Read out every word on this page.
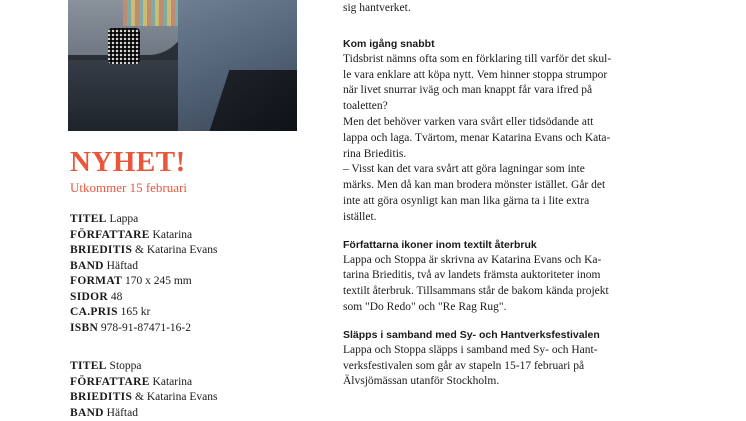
NYHET!

Utkommer 15 februari

TITEL Lappa
FÖRFATTARE Katarina
BRIEDITIS & Katarina Evans
BAND Häftad
FORMAT 170 x 245 mm
SIDOR 48
CA.PRIS 165 kr
ISBN 978-91-87471-16-2
TITEL Stoppa
FÖRFATTARE Katarina
BRIEDITIS & Katarina Evans
BAND Häftad

sig hantverket.

Kom igång snabbt

Tidsbrist nämns ofta som en förklaring till varför det skul-

le vara enklare att köpa nytt. Vem hinner stoppa strumpor

när livet snurrar iväg och man knappt får vara ifred på

toaletten?

Men det behöver varken vara svårt eller tidsödande att

lappa och laga. Tvärtom, menar Katarina Evans och Kata-

rina Brieditis.

– Visst kan det vara svårt att göra lagningar som inte

märks. Men då kan man brodera mönster istället. Går det

inte att göra osynligt kan man lika gärna ta i lite extra

istället.

Författarna ikoner inom textilt återbruk

Lappa och Stoppa är skrivna av Katarina Evans och Ka-

tarina Brieditis, två av landets främsta auktoriteter inom

textilt återbruk. Tillsammans står de bakom kända projekt

som "Do Redo" och "Re Rag Rug".

Släpps i samband med Sy- och Hantverksfestivalen

Lappa och Stoppa släpps i samband med Sy- och Hant-

verksfestivalen som går av stapeln 15-17 februari på

Älvsjömässan utanför Stockholm.
